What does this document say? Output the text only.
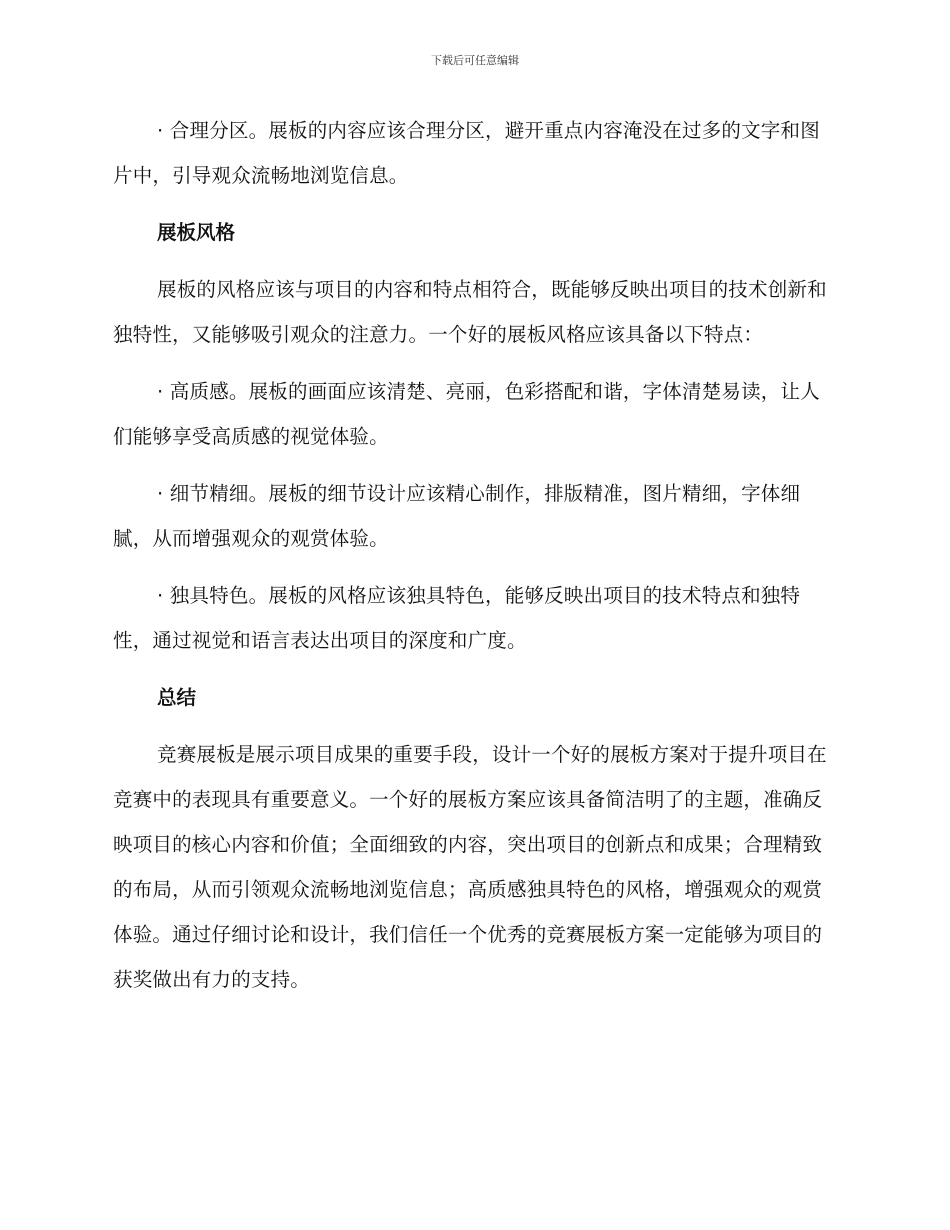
下载后可任意编辑

· 合理分区。展板的内容应该合理分区，避开重点内容淹没在过多的文字和图片中，引导观众流畅地浏览信息。

展板风格

展板的风格应该与项目的内容和特点相符合，既能够反映出项目的技术创新和独特性，又能够吸引观众的注意力。一个好的展板风格应该具备以下特点：

· 高质感。展板的画面应该清楚、亮丽，色彩搭配和谐，字体清楚易读，让人们能够享受高质感的视觉体验。

· 细节精细。展板的细节设计应该精心制作，排版精准，图片精细，字体细腻，从而增强观众的观赏体验。

· 独具特色。展板的风格应该独具特色，能够反映出项目的技术特点和独特性，通过视觉和语言表达出项目的深度和广度。

总结

竞赛展板是展示项目成果的重要手段，设计一个好的展板方案对于提升项目在竞赛中的表现具有重要意义。一个好的展板方案应该具备简洁明了的主题，准确反映项目的核心内容和价值；全面细致的内容，突出项目的创新点和成果；合理精致的布局，从而引领观众流畅地浏览信息；高质感独具特色的风格，增强观众的观赏体验。通过仔细讨论和设计，我们信任一个优秀的竞赛展板方案一定能够为项目的获奖做出有力的支持。
